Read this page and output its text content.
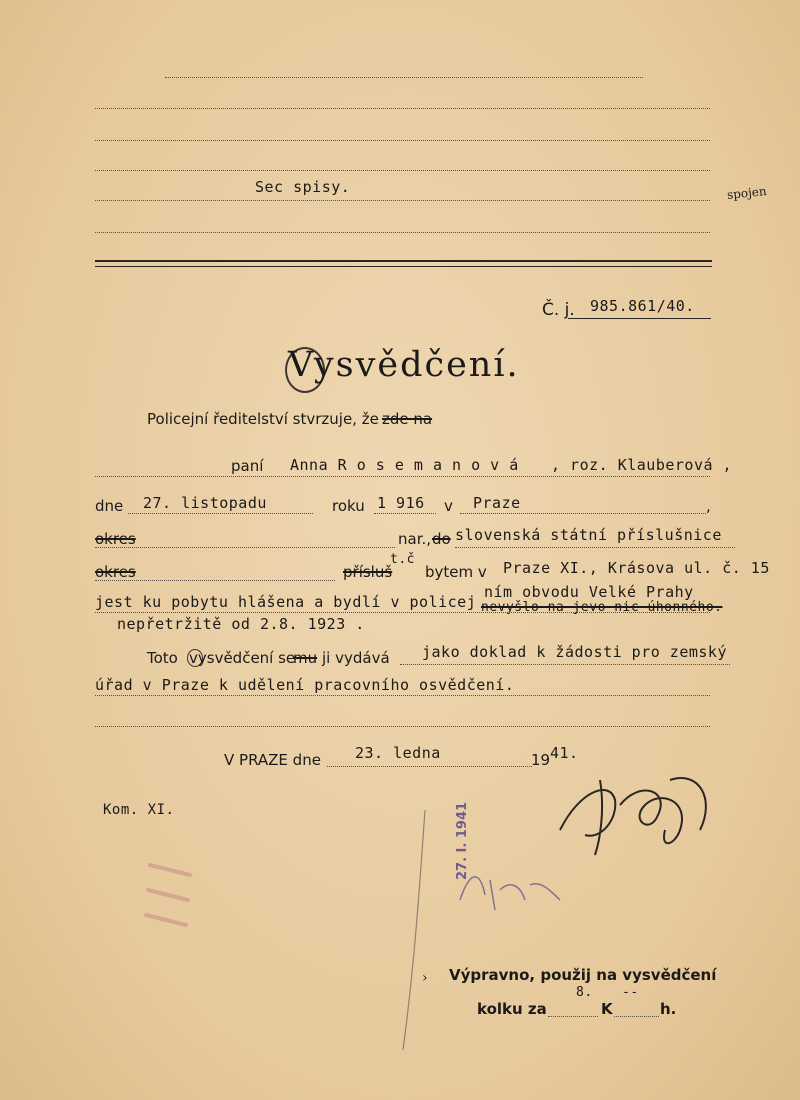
Sec spisy.	spojen
Č. j. 985.861/40.
Vysvědčení.
Policejní ředitelství stvrzuje, že zde na
paní Anna R o s e m a n o v á , roz. Klauberová ,
dne 27. listopadu	roku 1 916 v Praze	,
okres	nar., do slovenská státní příslušnice
okres	přísluš
t.č
bytem v Praze XI., Krásova ul. č. 15
jest ku pobytu hlášena a bydlí v policej
ním obvodu Velké Prahy
nevyšlo na jevo nic úhonného.
nepřetržitě od 2.8. 1923 .
Toto vysvědčení se
mu ji vydává jako doklad k žádosti pro zemský
úřad v Praze k udělení pracovního osvědčení.
V PRAZE dne 23. ledna	19 41.
Kom. XI.	27. I. 1941
› Výpravno, použij na vysvědčení
kolku za
8.
K
--
h.
